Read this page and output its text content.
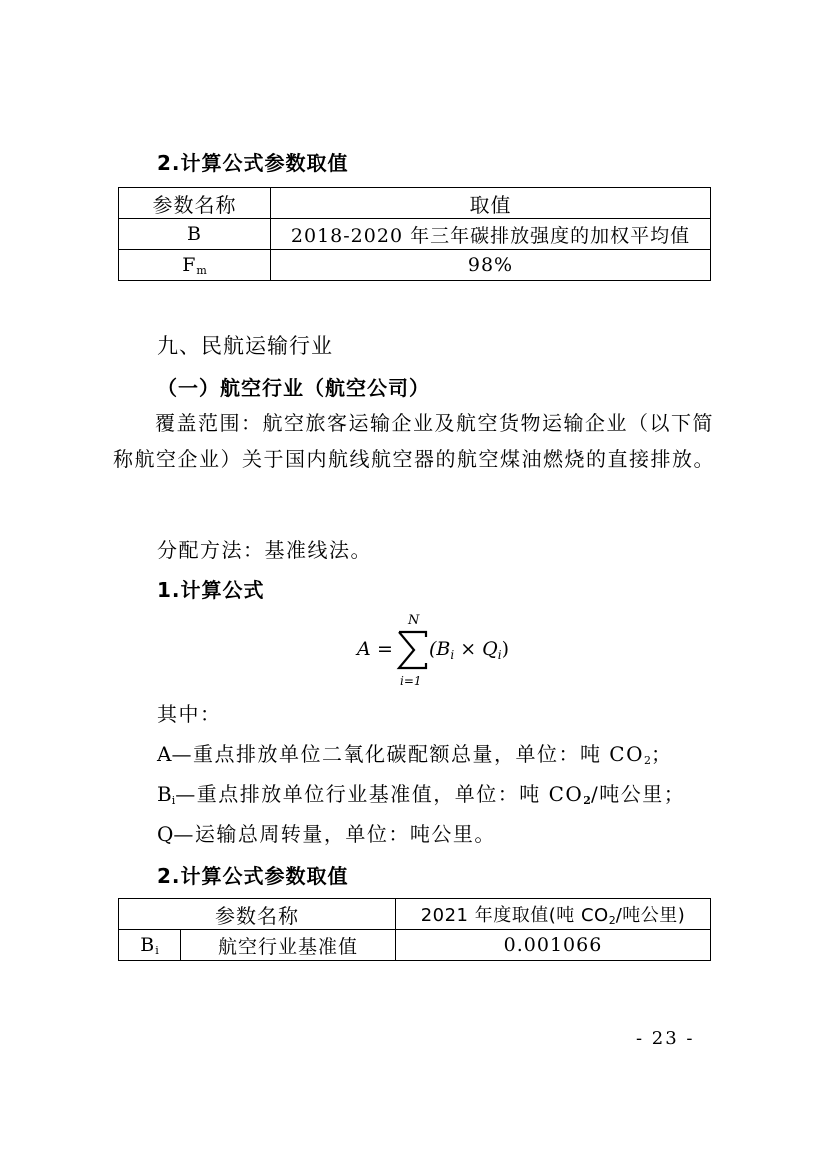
2.计算公式参数取值
参数名称	取值
B	2018-2020 年三年碳排放强度的加权平均值
$F_m$	98%
九、民航运输行业
（一）航空行业（航空公司）
覆盖范围：航空旅客运输企业及航空货物运输企业（以下简称航空企业）关于国内航线航空器的航空煤油燃烧的直接排放。
分配方法：基准线法。
1.计算公式
A =
N
i=1
$(B_i \times Q_i)$
其中：
A—重点排放单位二氧化碳配额总量，单位：吨 $CO_2$；
$B_i—$重点排放单位行业基准值，单位：吨 $CO_2/$吨公里；
Q—运输总周转量，单位：吨公里。
2.计算公式参数取值
参数名称		2021 年度取值(吨 $CO_2/$吨公里)
$B_i$	航空行业基准值	0.001066
- 23 -
